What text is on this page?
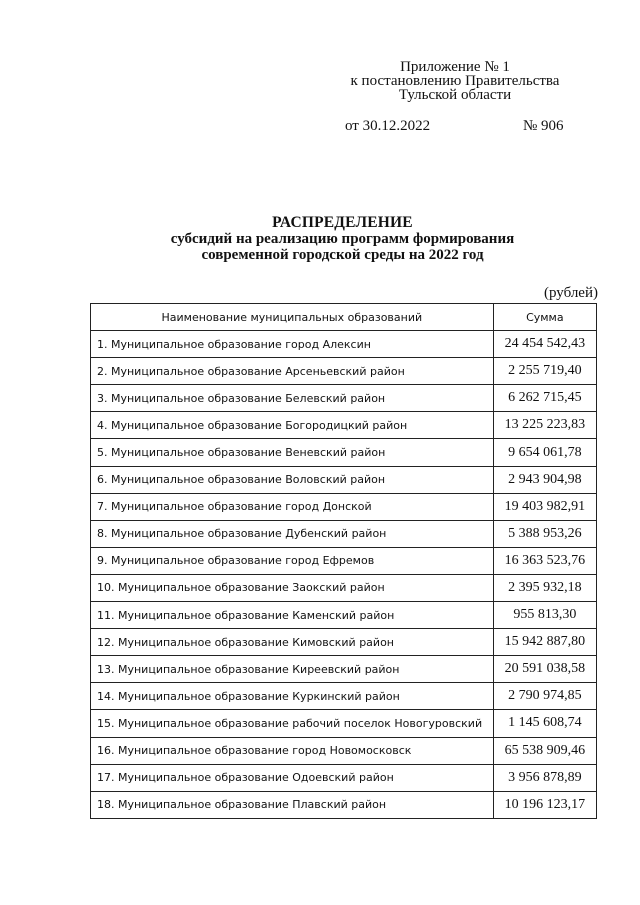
Приложение № 1
к постановлению Правительства
Тульской области
от 30.12.2022	№ 906
РАСПРЕДЕЛЕНИЕ
субсидий на реализацию программ формирования
современной городской среды на 2022 год
(рублей)
Наименование муниципальных образований	Сумма
1. Муниципальное образование город Алексин	24 454 542,43
2. Муниципальное образование Арсеньевский район	2 255 719,40
3. Муниципальное образование Белевский район	6 262 715,45
4. Муниципальное образование Богородицкий район	13 225 223,83
5. Муниципальное образование Веневский район	9 654 061,78
6. Муниципальное образование Воловский район	2 943 904,98
7. Муниципальное образование город Донской	19 403 982,91
8. Муниципальное образование Дубенский район	5 388 953,26
9. Муниципальное образование город Ефремов	16 363 523,76
10. Муниципальное образование Заокский район	2 395 932,18
11. Муниципальное образование Каменский район	955 813,30
12. Муниципальное образование Кимовский район	15 942 887,80
13. Муниципальное образование Киреевский район	20 591 038,58
14. Муниципальное образование Куркинский район	2 790 974,85
15. Муниципальное образование рабочий поселок Новогуровский	1 145 608,74
16. Муниципальное образование город Новомосковск	65 538 909,46
17. Муниципальное образование Одоевский район	3 956 878,89
18. Муниципальное образование Плавский район	10 196 123,17
